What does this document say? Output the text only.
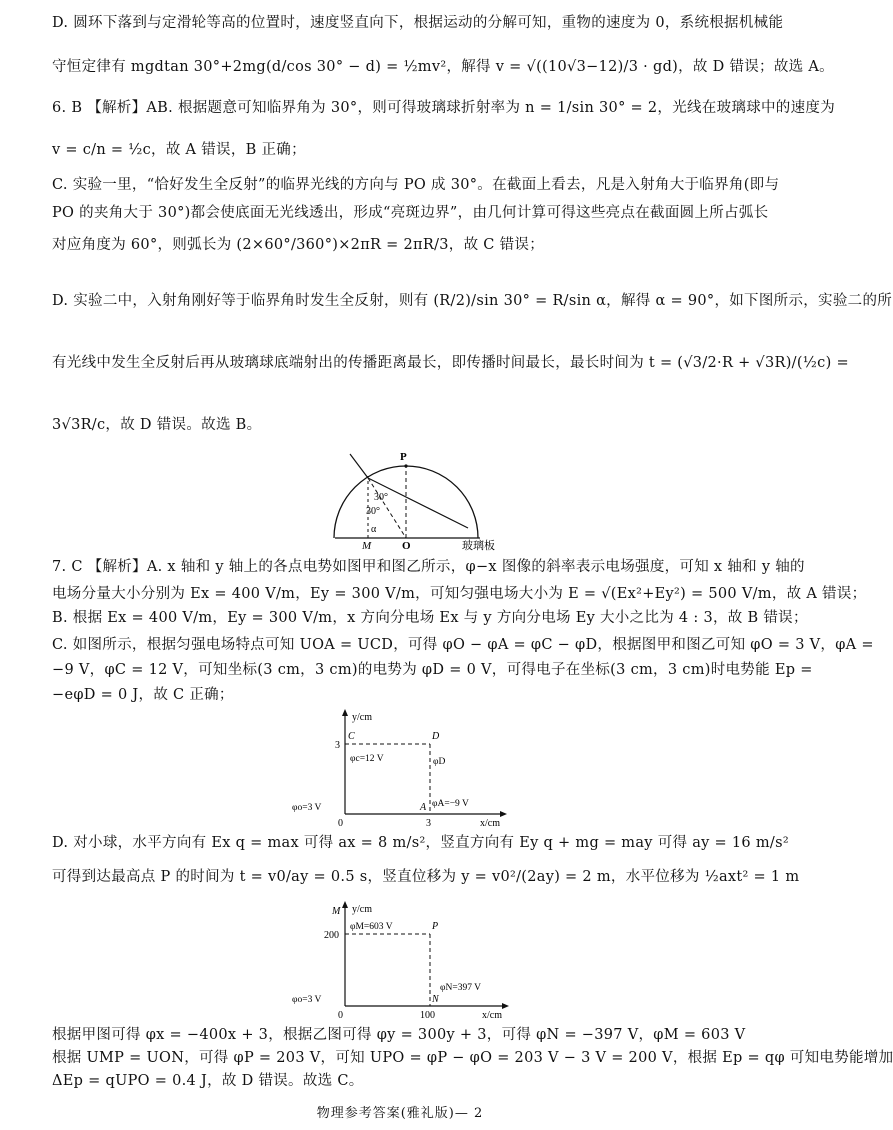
D. 圆环下落到与定滑轮等高的位置时，速度竖直向下，根据运动的分解可知，重物的速度为 0，系统根据机械能
守恒定律有 mgdtan 30°+2mg(d/cos 30° − d) = ½mv²，解得 v = √((10√3−12)/3 · gd)，故 D 错误；故选 A。
6. B 【解析】AB. 根据题意可知临界角为 30°，则可得玻璃球折射率为 n = 1/sin 30° = 2，光线在玻璃球中的速度为
v = c/n = ½c，故 A 错误，B 正确；
C. 实验一里，“恰好发生全反射”的临界光线的方向与 PO 成 30°。在截面上看去，凡是入射角大于临界角(即与
PO 的夹角大于 30°)都会使底面无光线透出，形成“亮斑边界”，由几何计算可得这些亮点在截面圆上所占弧长
对应角度为 60°，则弧长为 (2×60°/360°)×2πR = 2πR/3，故 C 错误；
D. 实验二中，入射角刚好等于临界角时发生全反射，则有 (R/2)/sin 30° = R/sin α，解得 α = 90°，如下图所示，实验二的所
有光线中发生全反射后再从玻璃球底端射出的传播距离最长，即传播时间最长，最长时间为 t = (√3/2·R + √3R)/(½c) =
3√3R/c，故 D 错误。故选 B。
P
30°
30°
α
M	O	玻璃板
7. C 【解析】A. x 轴和 y 轴上的各点电势如图甲和图乙所示，φ−x 图像的斜率表示电场强度，可知 x 轴和 y 轴的
电场分量大小分别为 Ex = 400 V/m，Ey = 300 V/m，可知匀强电场大小为 E = √(Ex²+Ey²) = 500 V/m，故 A 错误；
B. 根据 Ex = 400 V/m，Ey = 300 V/m，x 方向分电场 Ex 与 y 方向分电场 Ey 大小之比为 4 : 3，故 B 错误；
C. 如图所示，根据匀强电场特点可知 UOA = UCD，可得 φO − φA = φC − φD，根据图甲和图乙可知 φO = 3 V，φA =
−9 V，φC = 12 V，可知坐标(3 cm，3 cm)的电势为 φD = 0 V，可得电子在坐标(3 cm，3 cm)时电势能 Ep =
−eφD = 0 J，故 C 正确；
y/cm
x/cm
0	3
3
C	D
A
φc=12 V	φD
φA=−9 V
φo=3 V
D. 对小球，水平方向有 Ex q = max 可得 ax = 8 m/s²，竖直方向有 Ey q + mg = may 可得 ay = 16 m/s²
可得到达最高点 P 的时间为 t = v0/ay = 0.5 s，竖直位移为 y = v0²/(2ay) = 2 m，水平位移为 ½axt² = 1 m
y/cm
x/cm
0	100
200
M
P
N
φM=603 V
φN=397 V
φo=3 V
根据甲图可得 φx = −400x + 3，根据乙图可得 φy = 300y + 3，可得 φN = −397 V，φM = 603 V
根据 UMP = UON，可得 φP = 203 V，可知 UPO = φP − φO = 203 V − 3 V = 200 V，根据 Ep = qφ 可知电势能增加
ΔEp = qUPO = 0.4 J，故 D 错误。故选 C。
物理参考答案(雅礼版)— 2
